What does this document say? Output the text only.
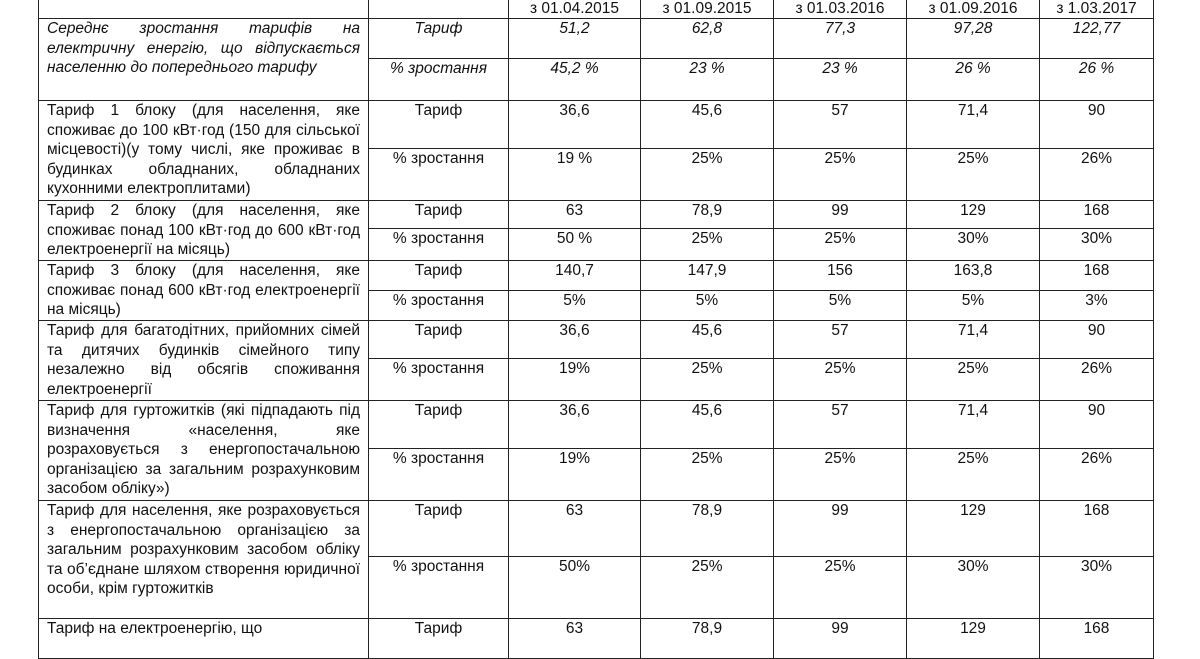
		з 01.04.2015	з 01.09.2015	з 01.03.2016	з 01.09.2016	з 1.03.2017
Середнє зростання тарифів на електричну енергію, що відпускається населенню до попереднього тарифу	Тариф	51,2	62,8	77,3	97,28	122,77
	% зростання	45,2 %	23 %	23 %	26 %	26 %
Тариф 1 блоку (для населення, яке споживає до 100 кВт·год (150 для сільської місцевості)(у тому числі, яке проживає в будинках обладнаних, обладнаних кухонними електроплитами)	Тариф	36,6	45,6	57	71,4	90
	% зростання	19 %	25%	25%	25%	26%
Тариф 2 блоку (для населення, яке споживає понад 100 кВт·год до 600 кВт·год електроенергії на місяць)	Тариф	63	78,9	99	129	168
	% зростання	50 %	25%	25%	30%	30%
Тариф 3 блоку (для населення, яке споживає понад 600 кВт·год електроенергії на місяць)	Тариф	140,7	147,9	156	163,8	168
	% зростання	5%	5%	5%	5%	3%
Тариф для багатодітних, прийомних сімей та дитячих будинків сімейного типу незалежно від обсягів споживання електроенергії	Тариф	36,6	45,6	57	71,4	90
	% зростання	19%	25%	25%	25%	26%
Тариф для гуртожитків (які підпадають під визначення «населення, яке розраховується з енергопостачальною організацією за загальним розрахунковим засобом обліку»)	Тариф	36,6	45,6	57	71,4	90
	% зростання	19%	25%	25%	25%	26%
Тариф для населення, яке розраховується з енергопостачальною організацією за загальним розрахунковим засобом обліку та об’єднане шляхом створення юридичної особи, крім гуртожитків	Тариф	63	78,9	99	129	168
	% зростання	50%	25%	25%	30%	30%
Тариф на електроенергію, що	Тариф	63	78,9	99	129	168
